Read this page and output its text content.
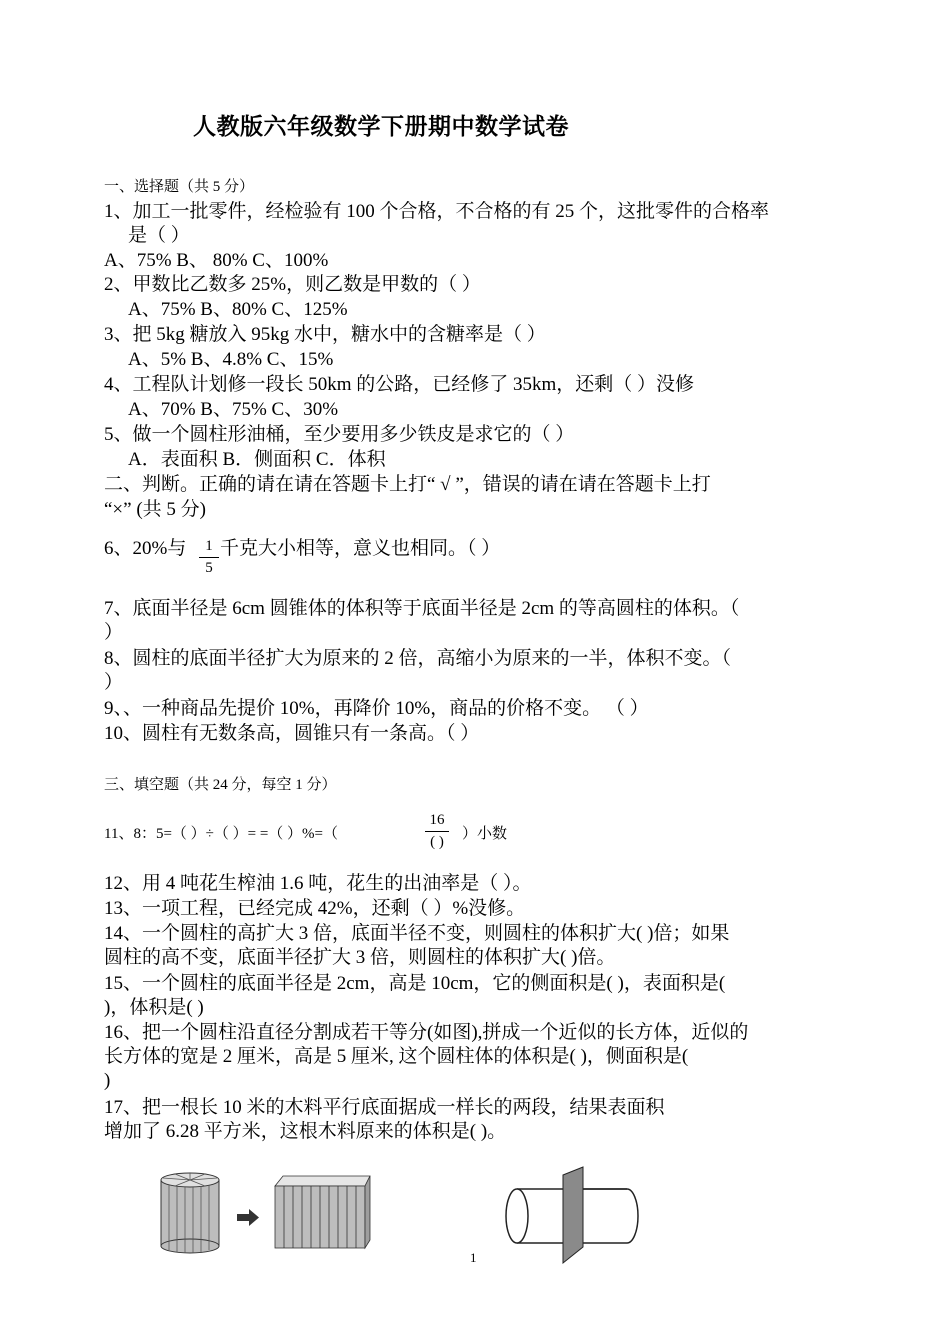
人教版六年级数学下册期中数学试卷
一、选择题（共 5 分）
1、加工一批零件，经检验有 100 个合格，不合格的有 25 个，这批零件的合格率
是（ ）
A、75% B、 80% C、100%
2、甲数比乙数多 25%，则乙数是甲数的（ ）
A、75% B、80% C、125%
3、把 5kg 糖放入 95kg 水中，糖水中的含糖率是（ ）
A、5% B、4.8% C、15%
4、工程队计划修一段长 50km 的公路，已经修了 35km，还剩（ ）没修
A、70% B、75% C、30%
5、做一个圆柱形油桶，至少要用多少铁皮是求它的（ ）
A．表面积 B．侧面积 C．体积
二、判断。正确的请在请在答题卡上打“ √ ”，错误的请在请在答题卡上打
“×” (共 5 分)
6、20%与	1
5
千克大小相等，意义也相同。（ ）
7、底面半径是 6cm 圆锥体的体积等于底面半径是 2cm 的等高圆柱的体积。（
）
8、圆柱的底面半径扩大为原来的 2 倍，高缩小为原来的一半，体积不变。（
）
9、、一种商品先提价 10%，再降价 10%，商品的价格不变。 （ ）
10、圆柱有无数条高，圆锥只有一条高。（ ）
三、填空题（共 24 分，每空 1 分）
11、8：5=（ ）÷（ ）= =（ ）%=（
16
( )	）小数
12、用 4 吨花生榨油 1.6 吨，花生的出油率是（ ）。
13、一项工程，已经完成 42%，还剩（ ）%没修。
14、一个圆柱的高扩大 3 倍，底面半径不变，则圆柱的体积扩大( )倍；如果
圆柱的高不变，底面半径扩大 3 倍，则圆柱的体积扩大( )倍。
15、一个圆柱的底面半径是 2cm，高是 10cm，它的侧面积是( )，表面积是(
)，体积是( )
16、把一个圆柱沿直径分割成若干等分(如图),拼成一个近似的长方体，近似的
长方体的宽是 2 厘米，高是 5 厘米, 这个圆柱体的体积是( )，侧面积是(
)
17、把一根长 10 米的木料平行底面据成一样长的两段，结果表面积
增加了 6.28 平方米，这根木料原来的体积是( )。
1
